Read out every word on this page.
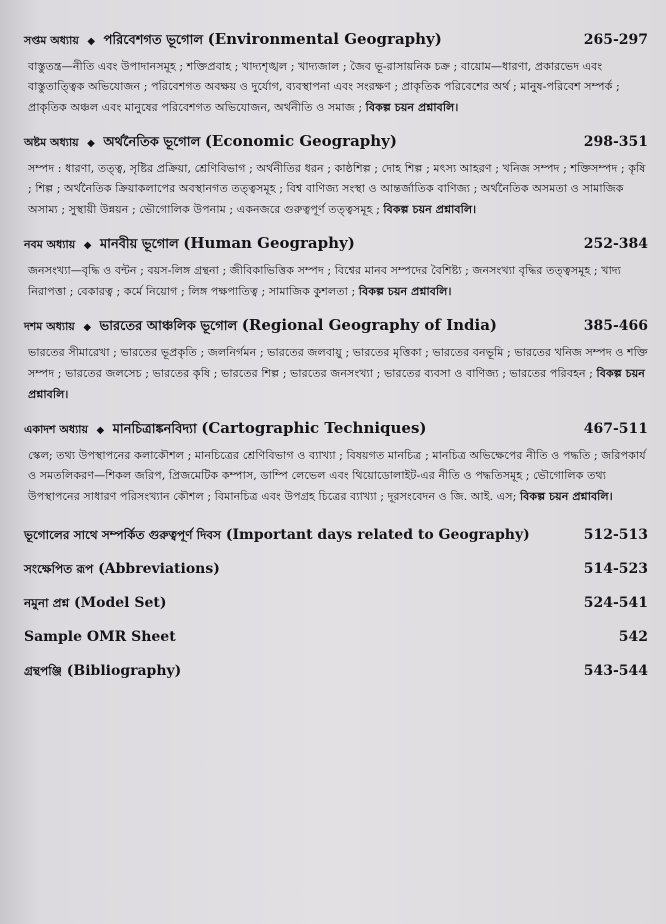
সপ্তম অধ্যায় ◆ পরিবেশগত ভূগোল (Environmental Geography)	265-297

বাস্তুতন্ত্র—নীতি এবং উপাদানসমূহ ; শক্তিপ্রবাহ ; খাদ্যশৃঙ্খল ; খাদ্যজাল ; জৈব ভূ-রাসায়নিক চক্র ; বায়োম—ধারণা, প্রকারভেদ এবং বাস্তুতাত্ত্বিক অভিযোজন ; পরিবেশগত অবক্ষয় ও দুর্যোগ, ব্যবস্থাপনা এবং সংরক্ষণ ; প্রাকৃতিক পরিবেশের অর্থ ; মানুষ-পরিবেশ সম্পর্ক ; প্রাকৃতিক অঞ্চল এবং মানুষের পরিবেশগত অভিযোজন, অর্থনীতি ও সমাজ ; বিকল্প চয়ন প্রশ্নাবলি।

অষ্টম অধ্যায় ◆ অর্থনৈতিক ভূগোল (Economic Geography)	298-351

সম্পদ : ধারণা, তত্ত্ব, সৃষ্টির প্রক্রিয়া, শ্রেণিবিভাগ ; অর্থনীতির ধরন ; কাষ্ঠশিল্প ; দোহ শিল্প ; মৎস্য আহরণ ; খনিজ সম্পদ ; শক্তিসম্পদ ; কৃষি ; শিল্প ; অর্থনৈতিক ক্রিয়াকলাপের অবস্থানগত তত্ত্বসমূহ ; বিশ্ব বাণিজ্য সংস্থা ও আন্তর্জাতিক বাণিজ্য ; অর্থনৈতিক অসমতা ও সামাজিক অসাম্য ; সুস্থায়ী উন্নয়ন ; ভৌগোলিক উপনাম ; একনজরে গুরুত্বপূর্ণ তত্ত্বসমূহ ; বিকল্প চয়ন প্রশ্নাবলি।

নবম অধ্যায় ◆ মানবীয় ভূগোল (Human Geography)	252-384

জনসংখ্যা—বৃদ্ধি ও বন্টন ; বয়স-লিঙ্গ গ্রন্থনা ; জীবিকাভিত্তিক সম্পদ ; বিশ্বের মানব সম্পদের বৈশিষ্ট্য ; জনসংখ্যা বৃদ্ধির তত্ত্বসমূহ ; খাদ্য নিরাপত্তা ; বেকারত্ব ; কর্মে নিয়োগ ; লিঙ্গ পক্ষপাতিত্ব ; সামাজিক কুশলতা ; বিকল্প চয়ন প্রশ্নাবলি।

দশম অধ্যায় ◆ ভারতের আঞ্চলিক ভূগোল (Regional Geography of India)	385-466

ভারতের সীমারেখা ; ভারতের ভূপ্রকৃতি ; জলনির্গমন ; ভারতের জলবায়ু ; ভারতের মৃত্তিকা ; ভারতের বনভূমি ; ভারতের খনিজ সম্পদ ও শক্তি সম্পদ ; ভারতের জলসেচ ; ভারতের কৃষি ; ভারতের শিল্প ; ভারতের জনসংখ্যা ; ভারতের ব্যবসা ও বাণিজ্য ; ভারতের পরিবহন ; বিকল্প চয়ন প্রশ্নাবলি।

একাদশ অধ্যায় ◆ মানচিত্রাঙ্কনবিদ্যা (Cartographic Techniques)	467-511

স্কেল; তথ্য উপস্থাপনের কলাকৌশল ; মানচিত্রের শ্রেণিবিভাগ ও ব্যাখ্যা ; বিষয়গত মানচিত্র ; মানচিত্র অভিক্ষেপের নীতি ও পদ্ধতি ; জরিপকার্য ও সমতলিকরণ—শিকল জরিপ, প্রিজমেটিক কম্পাস, ডাম্পি লেভেল এবং থিয়োডোলাইট-এর নীতি ও পদ্ধতিসমূহ ; ভৌগোলিক তথ্য উপস্থাপনের সাধারণ পরিসংখ্যান কৌশল ; বিমানচিত্র এবং উপগ্রহ চিত্রের ব্যাখ্যা ; দূরসংবেদন ও জি. আই. এস; বিকল্প চয়ন প্রশ্নাবলি।

ভূগোলের সাথে সম্পর্কিত গুরুত্বপূর্ণ দিবস (Important days related to Geography)	512-513
সংক্ষেপিত রূপ (Abbreviations)	514-523
নমুনা প্রশ্ন (Model Set)	524-541
Sample OMR Sheet	542
গ্রন্থপঞ্জি (Bibliography)	543-544
